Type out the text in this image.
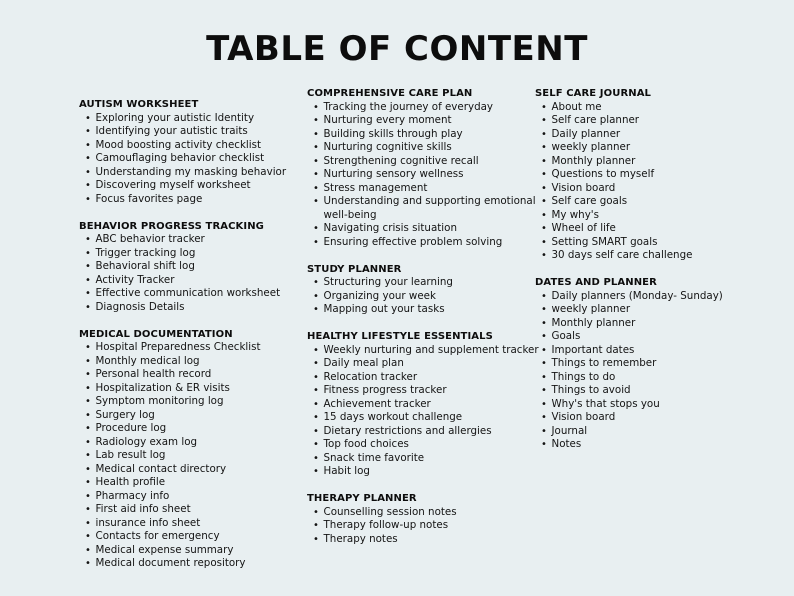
TABLE OF CONTENT
AUTISM WORKSHEET
• Exploring your autistic Identity
• Identifying your autistic traits
• Mood boosting activity checklist
• Camouflaging behavior checklist
• Understanding my masking behavior
• Discovering myself worksheet
• Focus favorites page
BEHAVIOR PROGRESS TRACKING
• ABC behavior tracker
• Trigger tracking log
• Behavioral shift log
• Activity Tracker
• Effective communication worksheet
• Diagnosis Details
MEDICAL DOCUMENTATION
• Hospital Preparedness Checklist
• Monthly medical log
• Personal health record
• Hospitalization & ER visits
• Symptom monitoring log
• Surgery log
• Procedure log
• Radiology exam log
• Lab result log
• Medical contact directory
• Health profile
• Pharmacy info
• First aid info sheet
• insurance info sheet
• Contacts for emergency
• Medical expense summary
• Medical document repository
COMPREHENSIVE CARE PLAN
• Tracking the journey of everyday
• Nurturing every moment
• Building skills through play
• Nurturing cognitive skills
• Strengthening cognitive recall
• Nurturing sensory wellness
• Stress management
• Understanding and supporting emotional well-being
• Navigating crisis situation
• Ensuring effective problem solving
STUDY PLANNER
• Structuring your learning
• Organizing your week
• Mapping out your tasks
HEALTHY LIFESTYLE ESSENTIALS
• Weekly nurturing and supplement tracker
• Daily meal plan
• Relocation tracker
• Fitness progress tracker
• Achievement tracker
• 15 days workout challenge
• Dietary restrictions and allergies
• Top food choices
• Snack time favorite
• Habit log
THERAPY PLANNER
• Counselling session notes
• Therapy follow-up notes
• Therapy notes
SELF CARE JOURNAL
• About me
• Self care planner
• Daily planner
• weekly planner
• Monthly planner
• Questions to myself
• Vision board
• Self care goals
• My why's
• Wheel of life
• Setting SMART goals
• 30 days self care challenge
DATES AND PLANNER
• Daily planners (Monday- Sunday)
• weekly planner
• Monthly planner
• Goals
• Important dates
• Things to remember
• Things to do
• Things to avoid
• Why's that stops you
• Vision board
• Journal
• Notes
